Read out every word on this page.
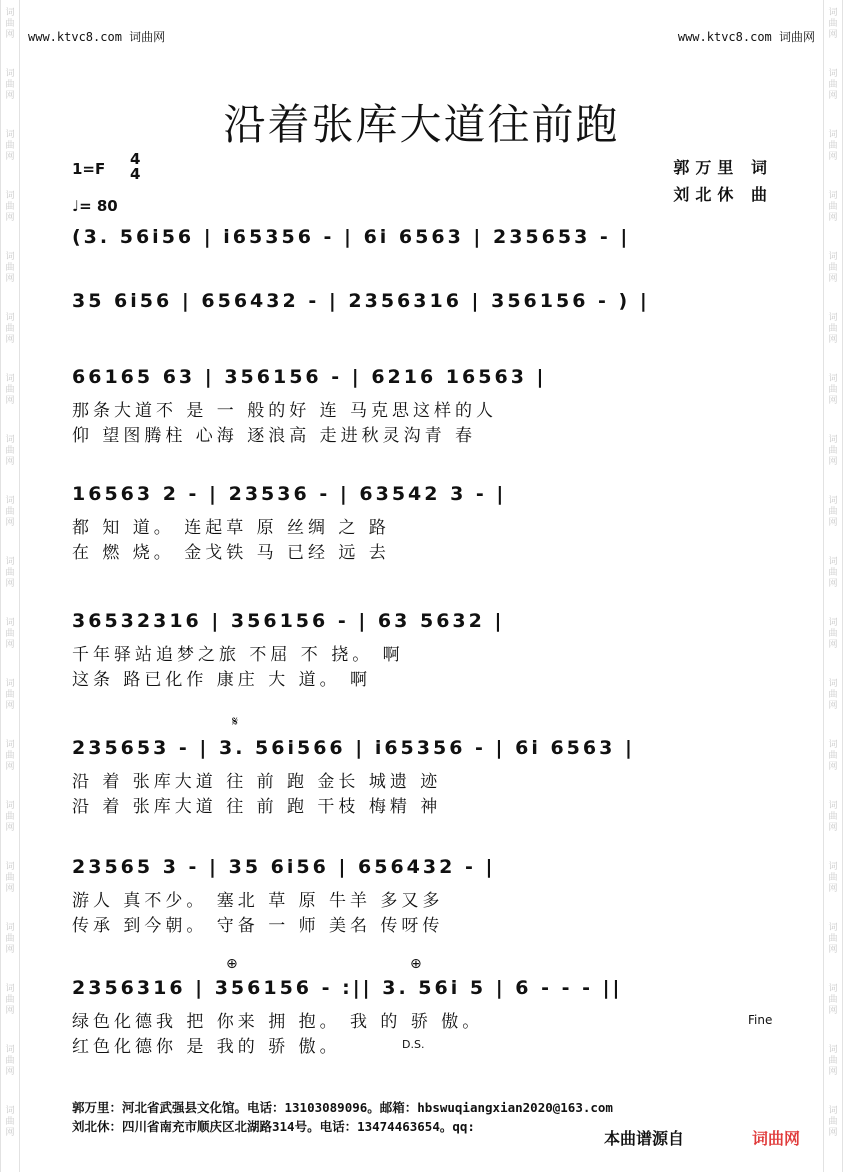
词曲网
词曲网
词曲网
词曲网
词曲网
词曲网
词曲网
词曲网
词曲网
词曲网
词曲网
词曲网
词曲网
词曲网
词曲网
词曲网
词曲网
词曲网
词曲网
词曲网
词曲网
词曲网
词曲网
词曲网
词曲网
词曲网
词曲网
词曲网
词曲网
词曲网
词曲网
词曲网
词曲网
词曲网
词曲网
词曲网
词曲网
词曲网
www.ktvc8.com 词曲网	www.ktvc8.com 词曲网
沿着张库大道往前跑
1=F
4
4
♩= 80
郭万里 词
刘北休 曲
(3. 56i56 | i65356 - | 6i 6563 | 235653 - |
35 6i56 | 656432 - | 2356316 | 356156 - ) |
66165 63 | 356156 - | 6216 16563 |
那条大道不 是 一 般的好 连 马克思这样的人
仰 望图腾柱 心海 逐浪高 走进秋灵沟青 春
16563 2 - | 23536 - | 63542 3 - |
都 知 道。 连起草 原 丝绸 之 路
在 燃 烧。 金戈铁 马 已经 远 去
36532316 | 356156 - | 63 5632 |
千年驿站追梦之旅 不屈 不 挠。 啊
这条 路已化作 康庄 大 道。 啊
235653 - | 3. 56i566 | i65356 - | 6i 6563 |
沿 着 张库大道 往 前 跑 金长 城遗 迹
沿 着 张库大道 往 前 跑 干枝 梅精 神
23565 3 - | 35 6i56 | 656432 - |
游人 真不少。 塞北 草 原 牛羊 多又多
传承 到今朝。 守备 一 师 美名 传呀传
2356316 | 356156 - :|| 3. 56i 5 | 6 - - - ||
绿色化德我 把 你来 拥 抱。 我 的 骄 傲。
红色化德你 是 我的 骄 傲。
𝄋
⊕	⊕
Fine
D.S.
郭万里：河北省武强县文化馆。电话：13103089096。邮箱：hbswuqiangxian2020@163.com
刘北休：四川省南充市顺庆区北湖路314号。电话：13474463654。qq:
本曲谱源自	词曲网
